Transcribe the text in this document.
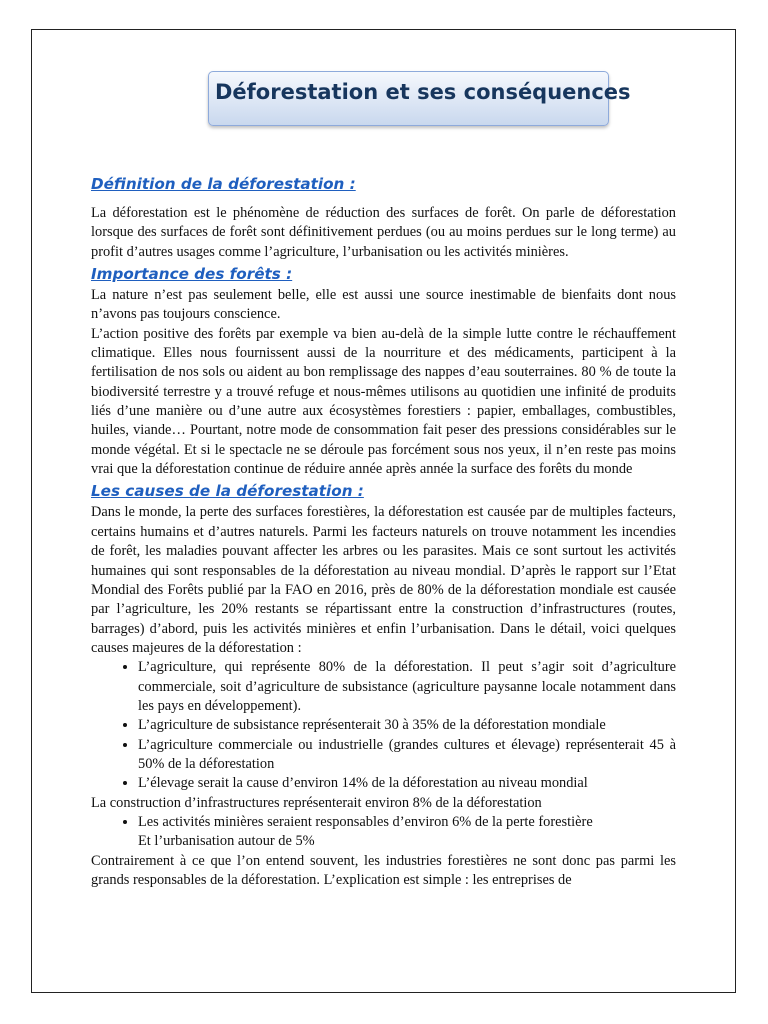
Déforestation et ses conséquences
Définition de la déforestation :

La déforestation est le phénomène de réduction des surfaces de forêt. On parle de déforestation lorsque des surfaces de forêt sont définitivement perdues (ou au moins perdues sur le long terme) au profit d’autres usages comme l’agriculture, l’urbanisation ou les activités minières.

Importance des forêts :

La nature n’est pas seulement belle, elle est aussi une source inestimable de bienfaits dont nous n’avons pas toujours conscience.

L’action positive des forêts par exemple va bien au-delà de la simple lutte contre le réchauffement climatique. Elles nous fournissent aussi de la nourriture et des médicaments, participent à la fertilisation de nos sols ou aident au bon remplissage des nappes d’eau souterraines. 80 % de toute la biodiversité terrestre y a trouvé refuge et nous-mêmes utilisons au quotidien une infinité de produits liés d’une manière ou d’une autre aux écosystèmes forestiers : papier, emballages, combustibles, huiles, viande… Pourtant, notre mode de consommation fait peser des pressions considérables sur le monde végétal. Et si le spectacle ne se déroule pas forcément sous nos yeux, il n’en reste pas moins vrai que la déforestation continue de réduire année après année la surface des forêts du monde

Les causes de la déforestation :

Dans le monde, la perte des surfaces forestières, la déforestation est causée par de multiples facteurs, certains humains et d’autres naturels. Parmi les facteurs naturels on trouve notamment les incendies de forêt, les maladies pouvant affecter les arbres ou les parasites. Mais ce sont surtout les activités humaines qui sont responsables de la déforestation au niveau mondial. D’après le rapport sur l’Etat Mondial des Forêts publié par la FAO en 2016, près de 80% de la déforestation mondiale est causée par l’agriculture, les 20% restants se répartissant entre la construction d’infrastructures (routes, barrages) d’abord, puis les activités minières et enfin l’urbanisation. Dans le détail, voici quelques causes majeures de la déforestation :

• L’agriculture, qui représente 80% de la déforestation. Il peut s’agir soit d’agriculture commerciale, soit d’agriculture de subsistance (agriculture paysanne locale notamment dans les pays en développement).
• L’agriculture de subsistance représenterait 30 à 35% de la déforestation mondiale
• L’agriculture commerciale ou industrielle (grandes cultures et élevage) représenterait 45 à 50% de la déforestation
• L’élevage serait la cause d’environ 14% de la déforestation au niveau mondial

La construction d’infrastructures représenterait environ 8% de la déforestation

• Les activités minières seraient responsables d’environ 6% de la perte forestière

Et l’urbanisation autour de 5%

Contrairement à ce que l’on entend souvent, les industries forestières ne sont donc pas parmi les grands responsables de la déforestation. L’explication est simple : les entreprises de
